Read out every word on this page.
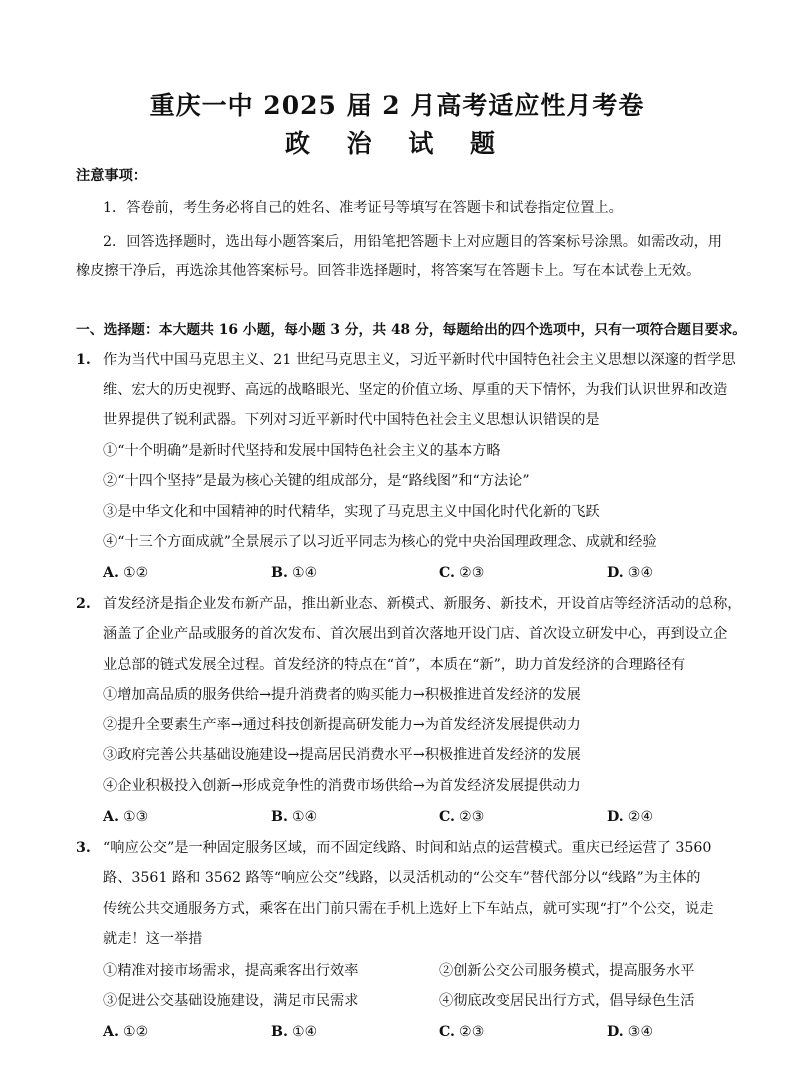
重庆一中 2025 届 2 月高考适应性月考卷
政 治 试 题
注意事项：
1．答卷前，考生务必将自己的姓名、准考证号等填写在答题卡和试卷指定位置上。
2．回答选择题时，选出每小题答案后，用铅笔把答题卡上对应题目的答案标号涂黑。如需改动，用
橡皮擦干净后，再选涂其他答案标号。回答非选择题时，将答案写在答题卡上。写在本试卷上无效。
一、选择题：本大题共 16 小题，每小题 3 分，共 48 分，每题给出的四个选项中，只有一项符合题目要求。
1. 作为当代中国马克思主义、21 世纪马克思主义，习近平新时代中国特色社会主义思想以深邃的哲学思
维、宏大的历史视野、高远的战略眼光、坚定的价值立场、厚重的天下情怀，为我们认识世界和改造
世界提供了锐利武器。下列对习近平新时代中国特色社会主义思想认识错误的是
①“十个明确”是新时代坚持和发展中国特色社会主义的基本方略
②“十四个坚持”是最为核心关键的组成部分，是“路线图”和“方法论”
③是中华文化和中国精神的时代精华，实现了马克思主义中国化时代化新的飞跃
④“十三个方面成就”全景展示了以习近平同志为核心的党中央治国理政理念、成就和经验
A. ①②	B. ①④	C. ②③	D. ③④
2. 首发经济是指企业发布新产品，推出新业态、新模式、新服务、新技术，开设首店等经济活动的总称，
涵盖了企业产品或服务的首次发布、首次展出到首次落地开设门店、首次设立研发中心，再到设立企
业总部的链式发展全过程。首发经济的特点在“首”，本质在“新”，助力首发经济的合理路径有
①增加高品质的服务供给→提升消费者的购买能力→积极推进首发经济的发展
②提升全要素生产率→通过科技创新提高研发能力→为首发经济发展提供动力
③政府完善公共基础设施建设→提高居民消费水平→积极推进首发经济的发展
④企业积极投入创新→形成竞争性的消费市场供给→为首发经济发展提供动力
A. ①③	B. ①④	C. ②③	D. ②④
3. “响应公交”是一种固定服务区域，而不固定线路、时间和站点的运营模式。重庆已经运营了 3560
路、3561 路和 3562 路等“响应公交”线路，以灵活机动的“公交车”替代部分以“线路”为主体的
传统公共交通服务方式，乘客在出门前只需在手机上选好上下车站点，就可实现“打”个公交，说走
就走！这一举措
①精准对接市场需求，提高乘客出行效率	②创新公交公司服务模式，提高服务水平
③促进公交基础设施建设，满足市民需求	④彻底改变居民出行方式，倡导绿色生活
A. ①②	B. ①④	C. ②③	D. ③④
